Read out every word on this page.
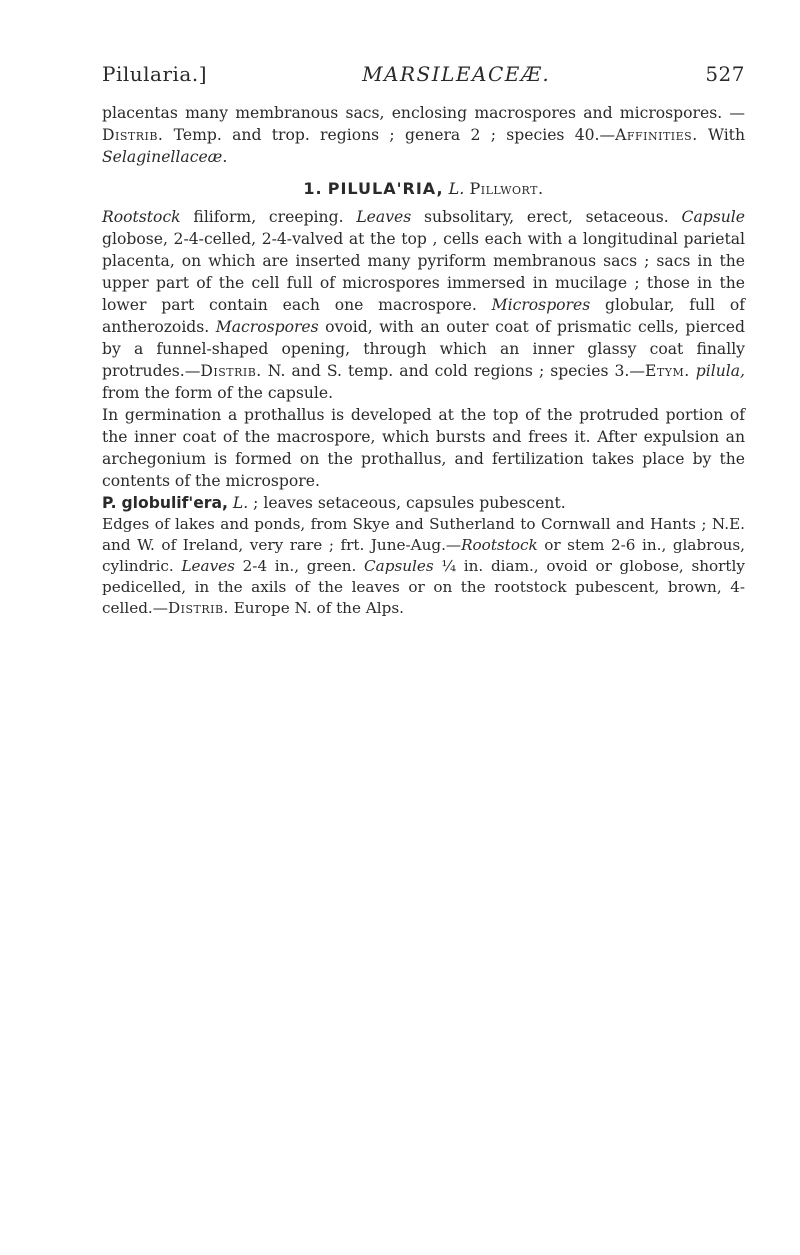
Pilularia.]	MARSILEACEÆ.	527

placentas many membranous sacs, enclosing macrospores and microspores. —Distrib. Temp. and trop. regions ; genera 2 ; species 40.—Affinities. With Selaginellaceæ.

1. PILULA'RIA, L. Pillwort.

Rootstock filiform, creeping. Leaves subsolitary, erect, setaceous. Capsule globose, 2-4-celled, 2-4-valved at the top , cells each with a longitudinal parietal placenta, on which are inserted many pyriform membranous sacs ; sacs in the upper part of the cell full of microspores immersed in mucilage ; those in the lower part contain each one macrospore. Microspores globular, full of antherozoids. Macrospores ovoid, with an outer coat of prismatic cells, pierced by a funnel-shaped opening, through which an inner glassy coat finally protrudes.—Distrib. N. and S. temp. and cold regions ; species 3.—Etym. pilula, from the form of the capsule.

In germination a prothallus is developed at the top of the protruded portion of the inner coat of the macrospore, which bursts and frees it. After expulsion an archegonium is formed on the prothallus, and fertilization takes place by the contents of the microspore.

P. globulif'era, L. ; leaves setaceous, capsules pubescent.

Edges of lakes and ponds, from Skye and Sutherland to Cornwall and Hants ; N.E. and W. of Ireland, very rare ; frt. June-Aug.—Rootstock or stem 2-6 in., glabrous, cylindric. Leaves 2-4 in., green. Capsules ¼ in. diam., ovoid or globose, shortly pedicelled, in the axils of the leaves or on the rootstock pubescent, brown, 4-celled.—Distrib. Europe N. of the Alps.
